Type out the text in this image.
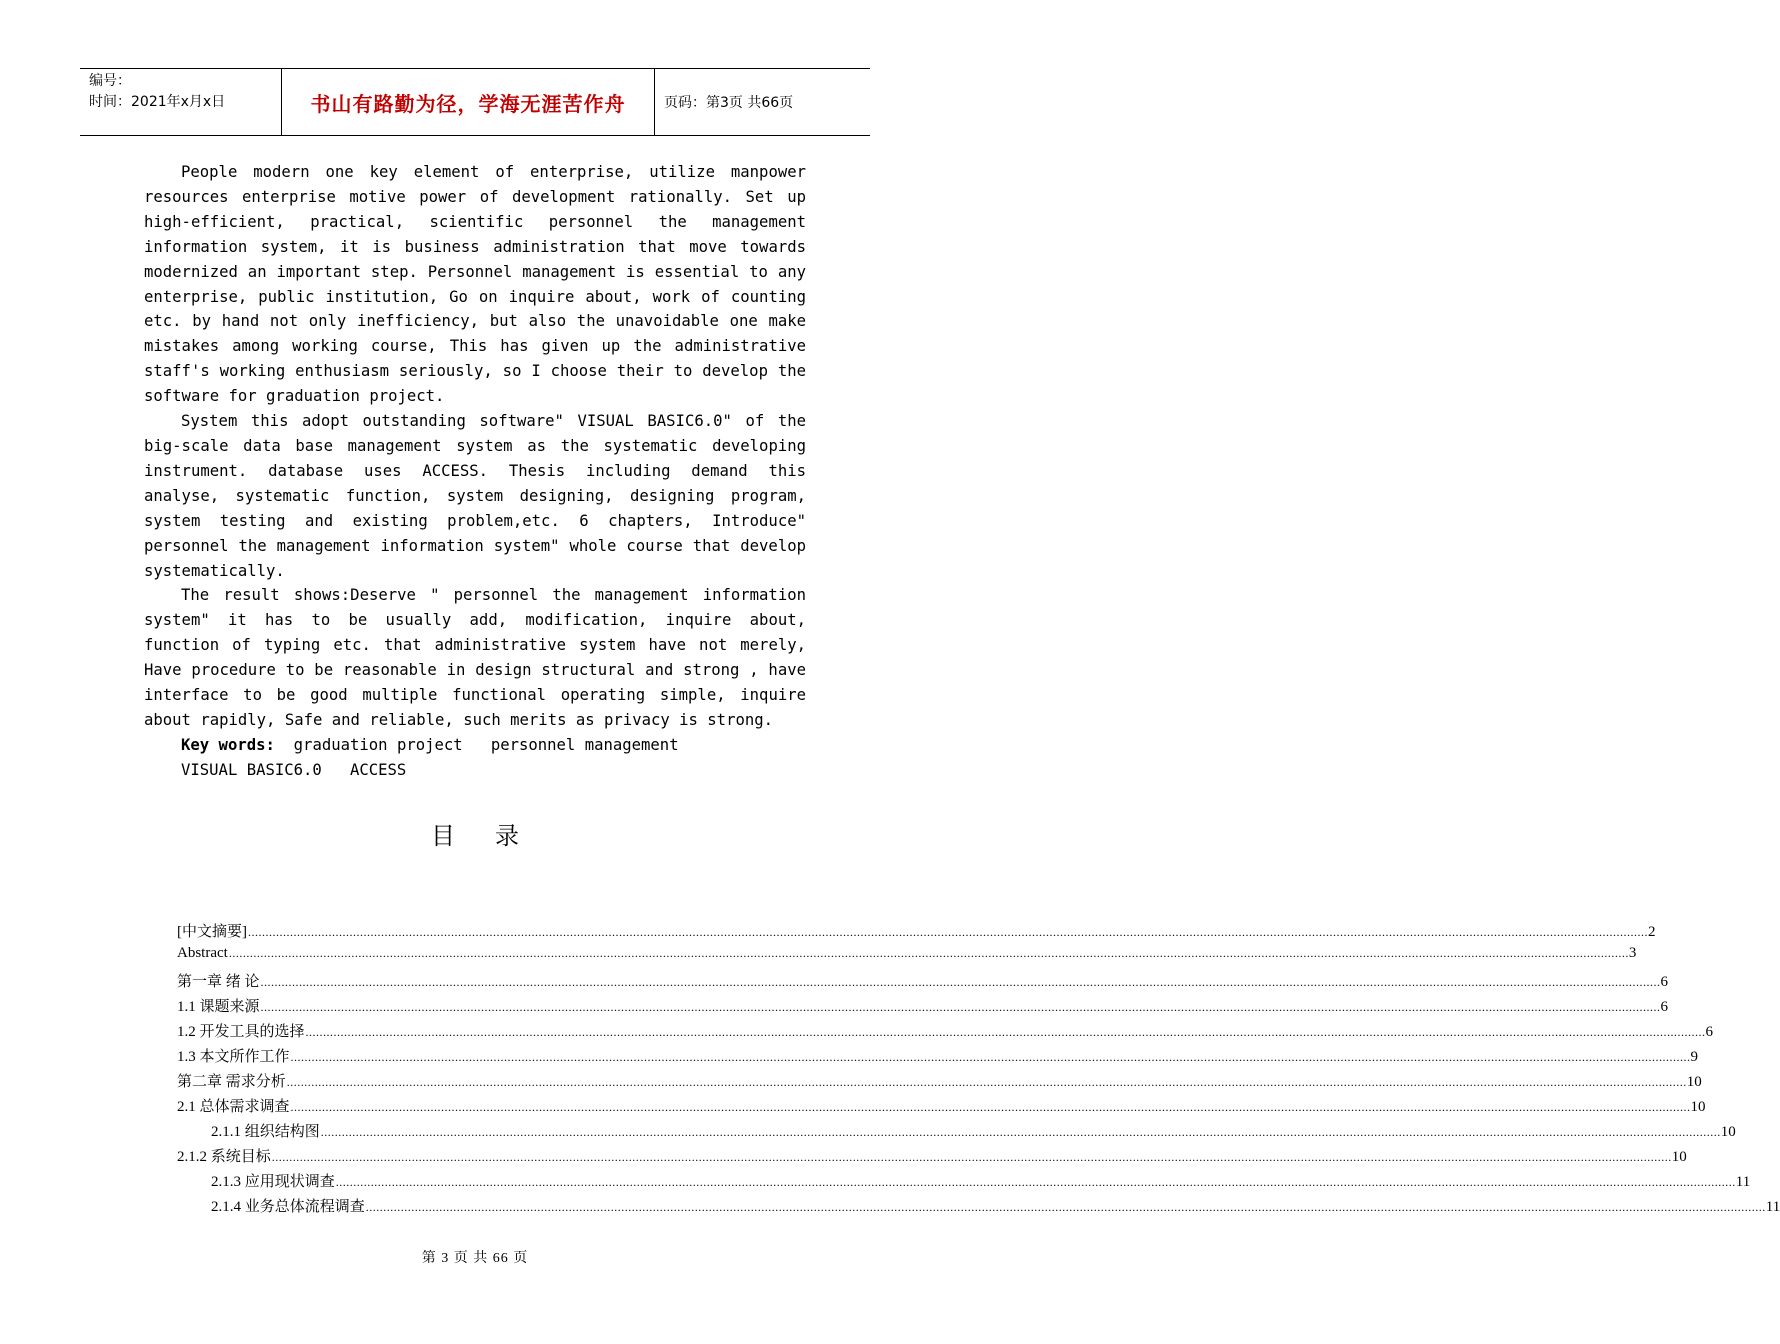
编号：
时间：2021年x月x日	书山有路勤为径，学海无涯苦作舟	页码：第3页 共66页

People modern one key element of enterprise, utilize manpower resources enterprise motive power of development rationally. Set up high-efficient, practical, scientific personnel the management information system, it is business administration that move towards modernized an important step. Personnel management is essential to any enterprise, public institution, Go on inquire about, work of counting etc. by hand not only inefficiency, but also the unavoidable one make mistakes among working course, This has given up the administrative staff's working enthusiasm seriously, so I choose their to develop the software for graduation project.

System this adopt outstanding software" VISUAL BASIC6.0" of the big-scale data base management system as the systematic developing instrument. database uses ACCESS. Thesis including demand this analyse, systematic function, system designing, designing program, system testing and existing problem,etc. 6 chapters, Introduce" personnel the management information system" whole course that develop systematically.

The result shows:Deserve " personnel the management information system" it has to be usually add, modification, inquire about, function of typing etc. that administrative system have not merely, Have procedure to be reasonable in design structural and strong , have interface to be good multiple functional operating simple, inquire about rapidly, Safe and reliable, such merits as privacy is strong.

Key words:  graduation project   personnel management
VISUAL BASIC6.0   ACCESS
目录
[中文摘要] ................................................................................................................................................................................................................................................................................................................................................................................................................ 2
Abstract ................................................................................................................................................................................................................................................................................................................................................................................................................ 3
第一章 绪 论 ................................................................................................................................................................................................................................................................................................................................................................................................................ 6
1.1 课题来源 ................................................................................................................................................................................................................................................................................................................................................................................................................ 6
1.2 开发工具的选择 ................................................................................................................................................................................................................................................................................................................................................................................................................ 6
1.3 本文所作工作 ................................................................................................................................................................................................................................................................................................................................................................................................................ 9
第二章 需求分析 ................................................................................................................................................................................................................................................................................................................................................................................................................ 10
2.1 总体需求调查 ................................................................................................................................................................................................................................................................................................................................................................................................................ 10
2.1.1 组织结构图 ................................................................................................................................................................................................................................................................................................................................................................................................................ 10
2.1.2 系统目标 ................................................................................................................................................................................................................................................................................................................................................................................................................ 10
2.1.3 应用现状调查 ................................................................................................................................................................................................................................................................................................................................................................................................................ 11
2.1.4 业务总体流程调查 ................................................................................................................................................................................................................................................................................................................................................................................................................ 11
第 3 页 共 66 页
